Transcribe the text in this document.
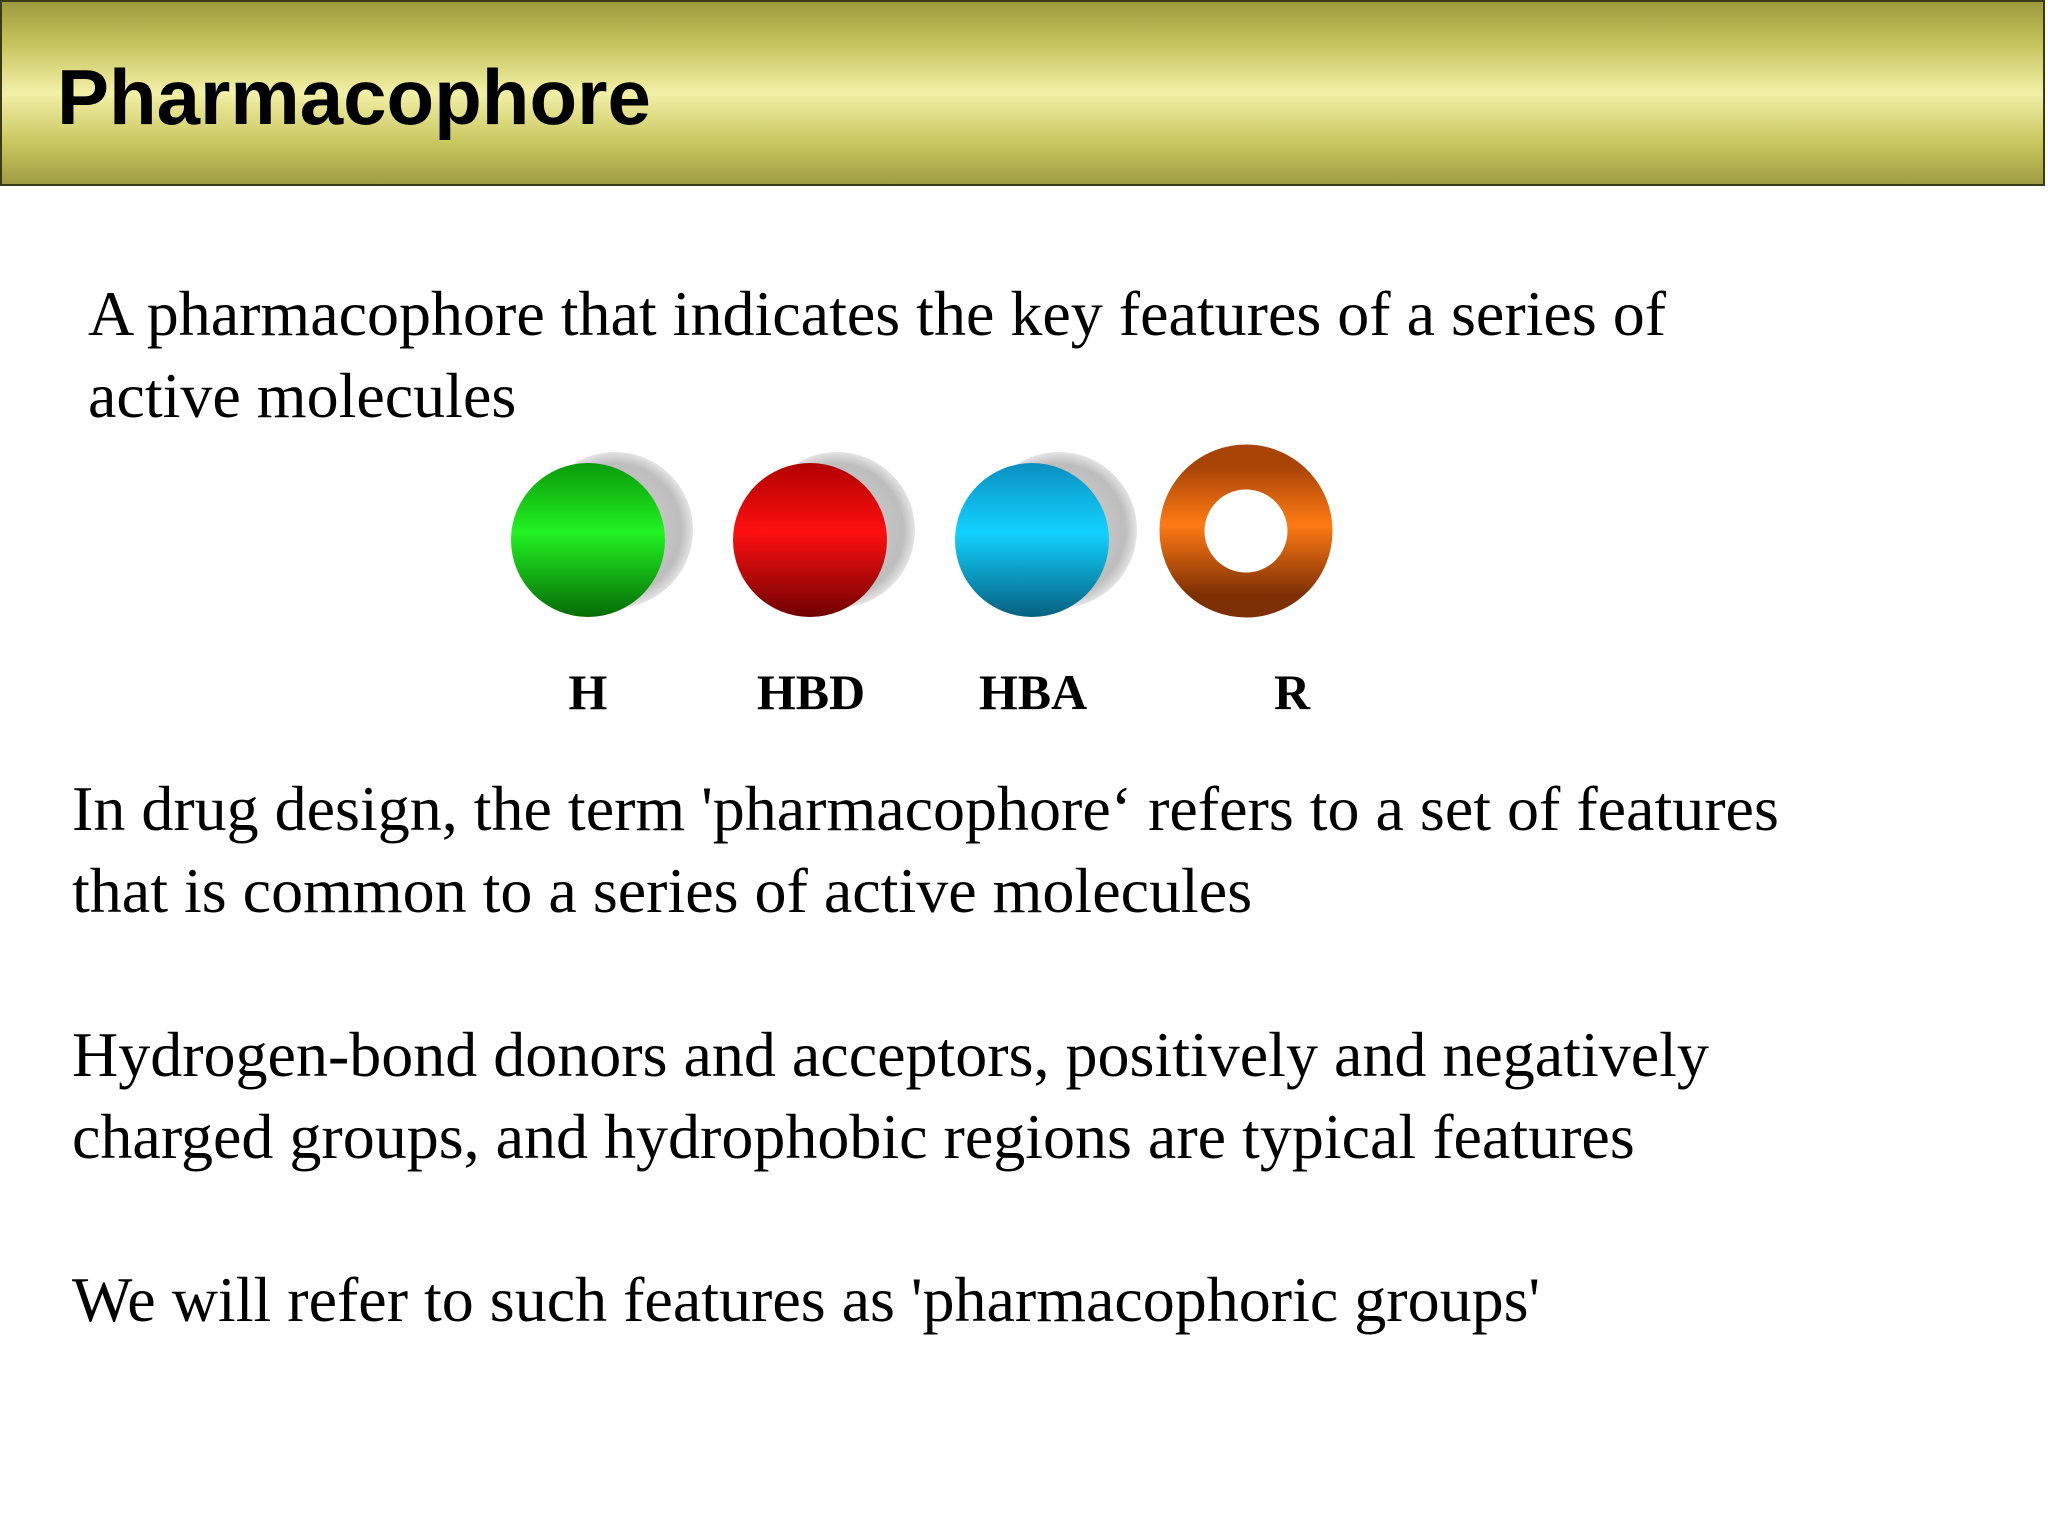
Pharmacophore
A pharmacophore that indicates the key features of a series of
active molecules
H	HBD HBA	R
In drug design, the term 'pharmacophore‘ refers to a set of features
that is common to a series of active molecules
Hydrogen-bond donors and acceptors, positively and negatively
charged groups, and hydrophobic regions are typical features
We will refer to such features as 'pharmacophoric groups'
